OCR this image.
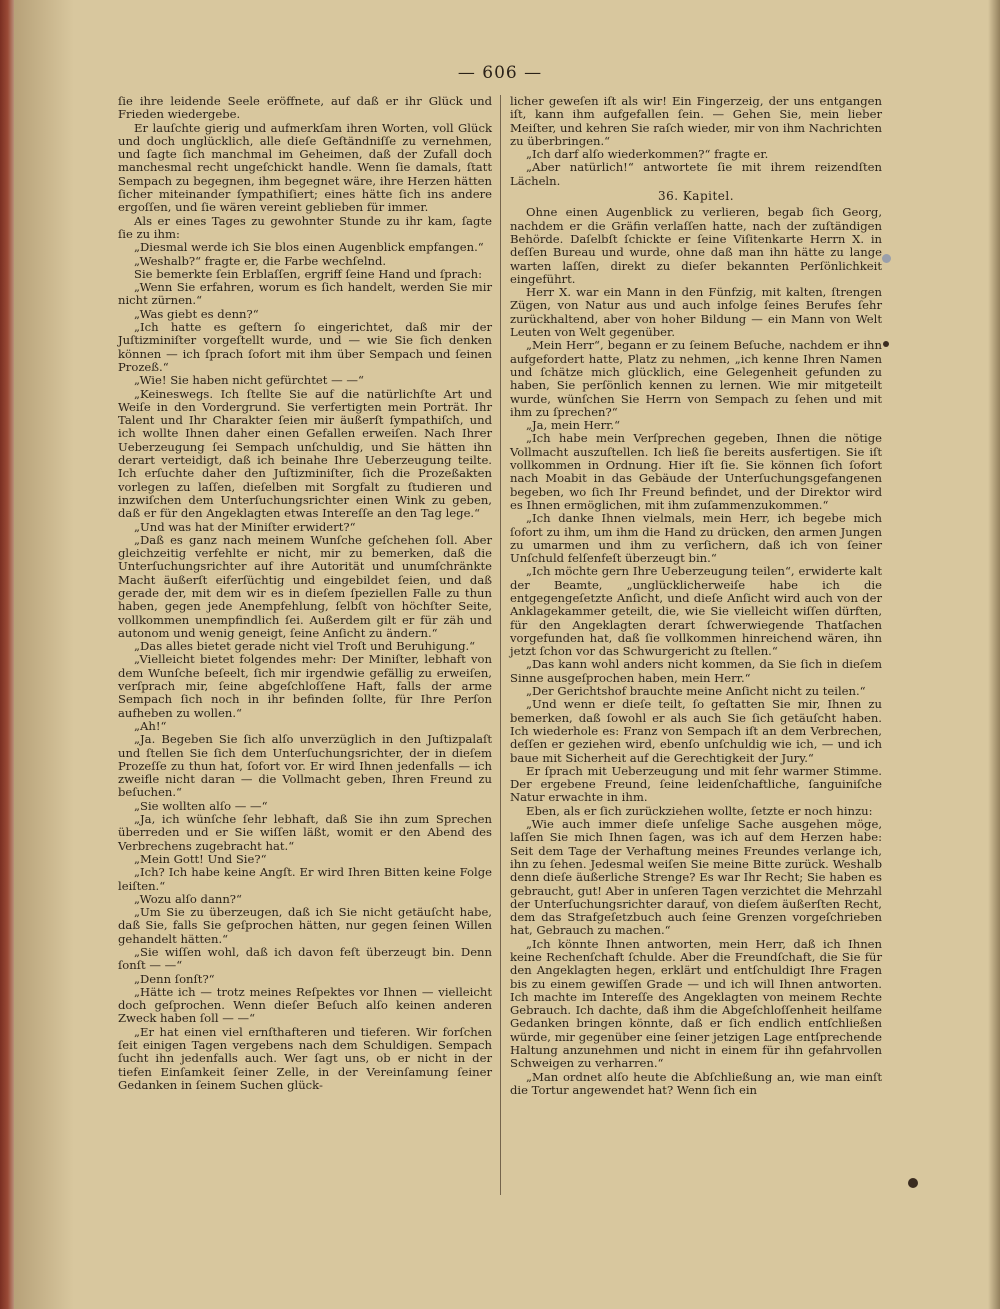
— 606 —

ſie ihre leidende Seele eröffnete, auf daß er ihr Glück und Frieden wiedergebe.

Er lauſchte gierig und aufmerkſam ihren Worten, voll Glück und doch unglücklich, alle dieſe Geſtändniſſe zu vernehmen, und ſagte ſich manchmal im Geheimen, daß der Zufall doch manchesmal recht ungeſchickt handle. Wenn ſie damals, ſtatt Sempach zu begegnen, ihm begegnet wäre, ihre Herzen hätten ſicher miteinander ſympathiſiert; eines hätte ſich ins andere ergoſſen, und ſie wären vereint geblieben für immer.

Als er eines Tages zu gewohnter Stunde zu ihr kam, ſagte ſie zu ihm:

„Diesmal werde ich Sie blos einen Augenblick empfangen.“

„Weshalb?“ fragte er, die Farbe wechſelnd.

Sie bemerkte ſein Erblaſſen, ergriff ſeine Hand und ſprach:

„Wenn Sie erfahren, worum es ſich handelt, werden Sie mir nicht zürnen.“

„Was giebt es denn?“

„Ich hatte es geſtern ſo eingerichtet, daß mir der Juſtizminiſter vorgeſtellt wurde, und — wie Sie ſich denken können — ich ſprach ſofort mit ihm über Sempach und ſeinen Prozeß.“

„Wie! Sie haben nicht gefürchtet — —“

„Keineswegs. Ich ſtellte Sie auf die natürlichſte Art und Weiſe in den Vordergrund. Sie verfertigten mein Porträt. Ihr Talent und Ihr Charakter ſeien mir äußerſt ſympathiſch, und ich wollte Ihnen daher einen Gefallen erweiſen. Nach Ihrer Ueberzeugung ſei Sempach unſchuldig, und Sie hätten ihn derart verteidigt, daß ich beinahe Ihre Ueberzeugung teilte. Ich erſuchte daher den Juſtizminiſter, ſich die Prozeßakten vorlegen zu laſſen, dieſelben mit Sorgfalt zu ſtudieren und inzwiſchen dem Unterſuchungsrichter einen Wink zu geben, daß er für den Angeklagten etwas Intereſſe an den Tag lege.“

„Und was hat der Miniſter erwidert?“

„Daß es ganz nach meinem Wunſche geſchehen ſoll. Aber gleichzeitig verfehlte er nicht, mir zu bemerken, daß die Unterſuchungsrichter auf ihre Autorität und unumſchränkte Macht äußerſt eiferſüchtig und eingebildet ſeien, und daß gerade der, mit dem wir es in dieſem ſpeziellen Falle zu thun haben, gegen jede Anempfehlung, ſelbſt von höchſter Seite, vollkommen unempfindlich ſei. Außerdem gilt er für zäh und autonom und wenig geneigt, ſeine Anſicht zu ändern.“

„Das alles bietet gerade nicht viel Troſt und Beruhigung.“

„Vielleicht bietet folgendes mehr: Der Miniſter, lebhaft von dem Wunſche beſeelt, ſich mir irgendwie gefällig zu erweiſen, verſprach mir, ſeine abgeſchloſſene Haft, falls der arme Sempach ſich noch in ihr befinden ſollte, für Ihre Perſon aufheben zu wollen.“

„Ah!“

„Ja. Begeben Sie ſich alſo unverzüglich in den Juſtizpalaſt und ſtellen Sie ſich dem Unterſuchungsrichter, der in dieſem Prozeſſe zu thun hat, ſofort vor. Er wird Ihnen jedenfalls — ich zweifle nicht daran — die Vollmacht geben, Ihren Freund zu beſuchen.“

„Sie wollten alſo — —“

„Ja, ich wünſche ſehr lebhaft, daß Sie ihn zum Sprechen überreden und er Sie wiſſen läßt, womit er den Abend des Verbrechens zugebracht hat.“

„Mein Gott! Und Sie?“

„Ich? Ich habe keine Angſt. Er wird Ihren Bitten keine Folge leiſten.“

„Wozu alſo dann?“

„Um Sie zu überzeugen, daß ich Sie nicht getäuſcht habe, daß Sie, falls Sie geſprochen hätten, nur gegen ſeinen Willen gehandelt hätten.“

„Sie wiſſen wohl, daß ich davon feſt überzeugt bin. Denn ſonſt — —“

„Denn ſonſt?“

„Hätte ich — trotz meines Reſpektes vor Ihnen — vielleicht doch geſprochen. Wenn dieſer Beſuch alſo keinen anderen Zweck haben ſoll — —“

„Er hat einen viel ernſthafteren und tieferen. Wir forſchen ſeit einigen Tagen vergebens nach dem Schuldigen. Sempach ſucht ihn jedenfalls auch. Wer ſagt uns, ob er nicht in der tiefen Einſamkeit ſeiner Zelle, in der Vereinſamung ſeiner Gedanken in ſeinem Suchen glück-

licher geweſen iſt als wir! Ein Fingerzeig, der uns entgangen iſt, kann ihm aufgefallen ſein. — Gehen Sie, mein lieber Meiſter, und kehren Sie raſch wieder, mir von ihm Nachrichten zu überbringen.“

„Ich darf alſo wiederkommen?“ fragte er.

„Aber natürlich!“ antwortete ſie mit ihrem reizendſten Lächeln.

36. Kapitel.

Ohne einen Augenblick zu verlieren, begab ſich Georg, nachdem er die Gräfin verlaſſen hatte, nach der zuſtändigen Behörde. Daſelbſt ſchickte er ſeine Viſitenkarte Herrn X. in deſſen Bureau und wurde, ohne daß man ihn hätte zu lange warten laſſen, direkt zu dieſer bekannten Perſönlichkeit eingeführt.

Herr X. war ein Mann in den Fünfzig, mit kalten, ſtrengen Zügen, von Natur aus und auch infolge ſeines Berufes ſehr zurückhaltend, aber von hoher Bildung — ein Mann von Welt Leuten von Welt gegenüber.

„Mein Herr“, begann er zu ſeinem Beſuche, nachdem er ihn aufgefordert hatte, Platz zu nehmen, „ich kenne Ihren Namen und ſchätze mich glücklich, eine Gelegenheit gefunden zu haben, Sie perſönlich kennen zu lernen. Wie mir mitgeteilt wurde, wünſchen Sie Herrn von Sempach zu ſehen und mit ihm zu ſprechen?“

„Ja, mein Herr.“

„Ich habe mein Verſprechen gegeben, Ihnen die nötige Vollmacht auszuſtellen. Ich ließ ſie bereits ausfertigen. Sie iſt vollkommen in Ordnung. Hier iſt ſie. Sie können ſich ſofort nach Moabit in das Gebäude der Unterſuchungsgefangenen begeben, wo ſich Ihr Freund befindet, und der Direktor wird es Ihnen ermöglichen, mit ihm zuſammenzukommen.“

„Ich danke Ihnen vielmals, mein Herr, ich begebe mich ſofort zu ihm, um ihm die Hand zu drücken, den armen Jungen zu umarmen und ihm zu verſichern, daß ich von ſeiner Unſchuld felſenfeſt überzeugt bin.“

„Ich möchte gern Ihre Ueberzeugung teilen“, erwiderte kalt der Beamte, „unglücklicherweiſe habe ich die entgegengeſetzte Anſicht, und dieſe Anſicht wird auch von der Anklagekammer geteilt, die, wie Sie vielleicht wiſſen dürften, für den Angeklagten derart ſchwerwiegende Thatſachen vorgefunden hat, daß ſie vollkommen hinreichend wären, ihn jetzt ſchon vor das Schwurgericht zu ſtellen.“

„Das kann wohl anders nicht kommen, da Sie ſich in dieſem Sinne ausgeſprochen haben, mein Herr.“

„Der Gerichtshof brauchte meine Anſicht nicht zu teilen.“

„Und wenn er dieſe teilt, ſo geſtatten Sie mir, Ihnen zu bemerken, daß ſowohl er als auch Sie ſich getäuſcht haben. Ich wiederhole es: Franz von Sempach iſt an dem Verbrechen, deſſen er geziehen wird, ebenſo unſchuldig wie ich, — und ich baue mit Sicherheit auf die Gerechtigkeit der Jury.“

Er ſprach mit Ueberzeugung und mit ſehr warmer Stimme. Der ergebene Freund, ſeine leidenſchaftliche, ſanguiniſche Natur erwachte in ihm.

Eben, als er ſich zurückziehen wollte, ſetzte er noch hinzu:

„Wie auch immer dieſe unſelige Sache ausgehen möge, laſſen Sie mich Ihnen ſagen, was ich auf dem Herzen habe: Seit dem Tage der Verhaftung meines Freundes verlange ich, ihn zu ſehen. Jedesmal weiſen Sie meine Bitte zurück. Weshalb denn dieſe äußerliche Strenge? Es war Ihr Recht; Sie haben es gebraucht, gut! Aber in unſeren Tagen verzichtet die Mehrzahl der Unterſuchungsrichter darauf, von dieſem äußerſten Recht, dem das Strafgeſetzbuch auch ſeine Grenzen vorgeſchrieben hat, Gebrauch zu machen.“

„Ich könnte Ihnen antworten, mein Herr, daß ich Ihnen keine Rechenſchaft ſchulde. Aber die Freundſchaft, die Sie für den Angeklagten hegen, erklärt und entſchuldigt Ihre Fragen bis zu einem gewiſſen Grade — und ich will Ihnen antworten. Ich machte im Intereſſe des Angeklagten von meinem Rechte Gebrauch. Ich dachte, daß ihm die Abgeſchloſſenheit heilſame Gedanken bringen könnte, daß er ſich endlich entſchließen würde, mir gegenüber eine ſeiner jetzigen Lage entſprechende Haltung anzunehmen und nicht in einem für ihn gefahrvollen Schweigen zu verharren.“

„Man ordnet alſo heute die Abſchließung an, wie man einſt die Tortur angewendet hat? Wenn ſich ein
